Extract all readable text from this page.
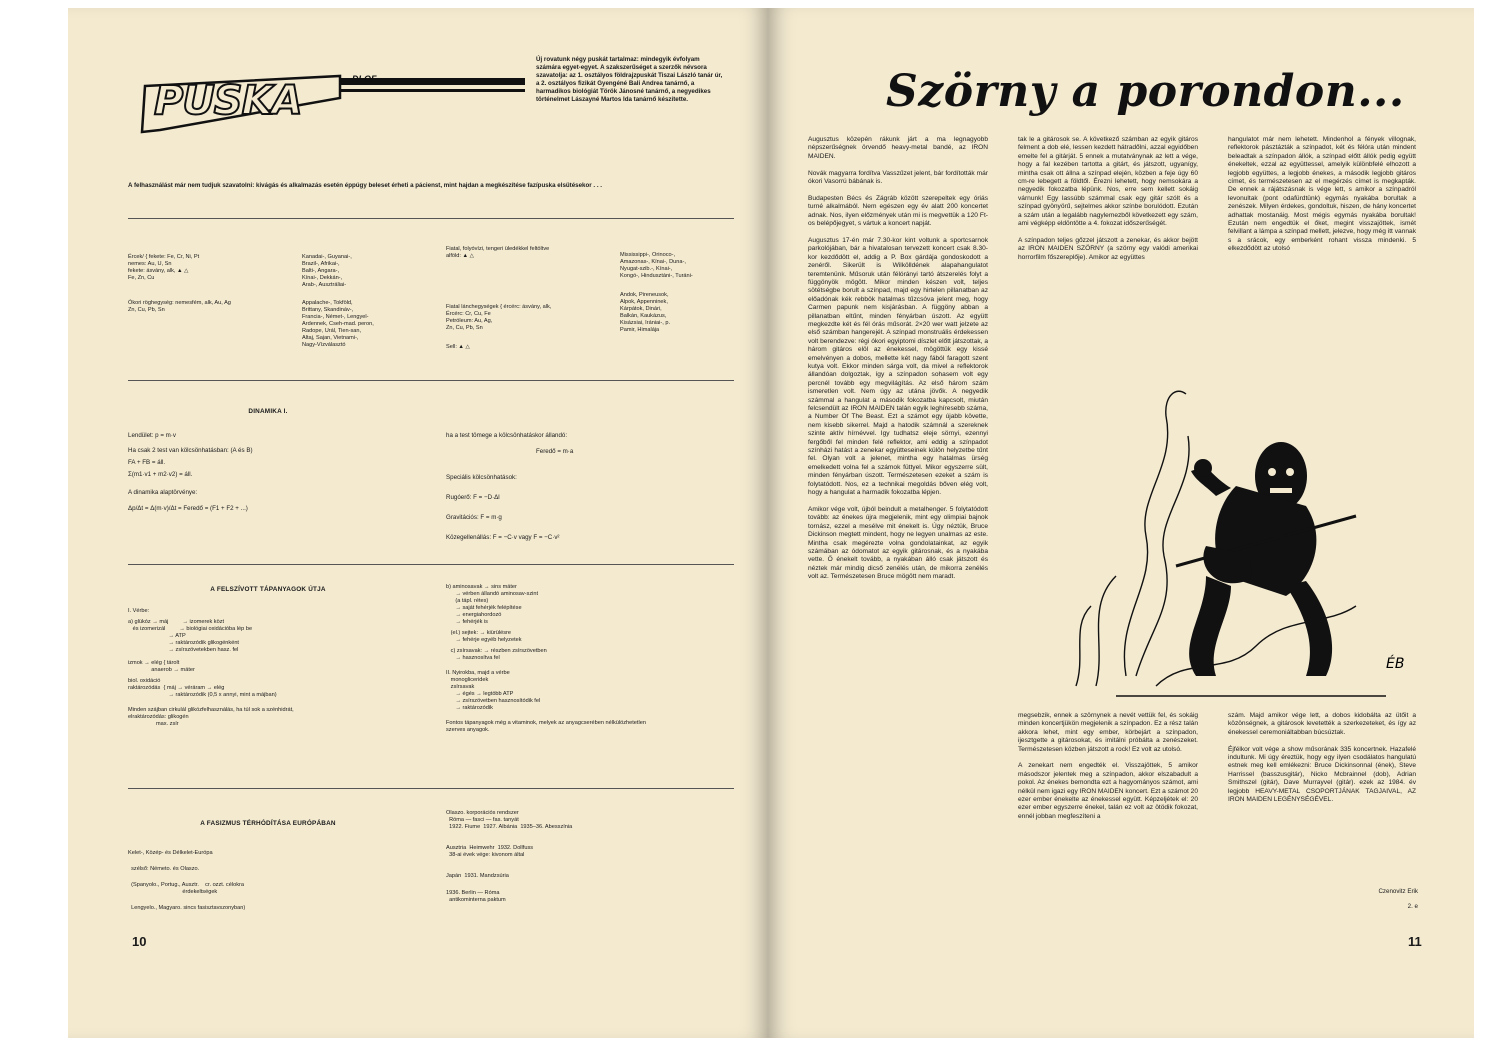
PUSKA	DLOF
Új rovatunk négy puskát tartalmaz: mindegyik évfolyam számára egyet-egyet. A szakszerűséget a szerzők névsora szavatolja: az 1. osztályos földrajzpuskát Tiszai László tanár úr, a 2. osztályos fizikát Gyengéné Bali Andrea tanárnő, a harmadikos biológiát Török Jánosné tanárnő, a negyedikes történelmet Lászayné Martos Ida tanárnő készítette.
A felhasználást már nem tudjuk szavatolni: kivágás és alkalmazás esetén éppúgy beleset érheti a pácienst, mint hajdan a megkészítése fazípuska elsütésekor . . .
Ércek/ { fekete: Fe, Cr, Ni, Pt
nemes: Au, U, Sn
fekete: ásvány, alk, ▲ △
Fe, Zn, Cu
Ókori röghegység: nemesfém, alk, Au, Ag
Zn, Cu, Pb, Sn
Kanadai-, Guyanai-,
Brazil-, Afrikai-,
Balti-, Angara-,
Kínai-, Dekkán-,
Arab-, Ausztráliai-
Appalache-, Tokföld,
Brittany, Skandináv-,
Francia-, Német-, Lengyel-
Ardennek, Cseh-mad. peron,
Radope, Urál, Tien-san,
Altaj, Sajan, Vietnami-,
Nagy-Vízválasztó
Fiatal, folyóvízi, tengeri üledékkel feltöltve
alföld: ▲ △
Fiatal lánchegységek { ércérc: ásvány, alk,
Ércérc: Cr, Cu, Fe
Petróleum: Au, Ag,
Zn, Cu, Pb, Sn
Sell: ▲ △
Mississippi-, Orinoco-,
Amazonas-, Kínai-, Duna-,
Nyugat-szib.-, Kínai-,
Kongó-, Hindusztáni-, Turáni-
Andok, Pireneusok,
Alpok, Appenninek,
Kárpátok, Dinári,
Balkán, Kaukázus,
Kisázsiai, Irániai-, p.
Pamir, Himalája
DINAMIKA I.
Lendület: p = m·v
Ha csak 2 test van kölcsönhatásban: (A és B)
FA + FB = áll.
Σ(m1·v1 + m2·v2) = áll.
A dinamika alaptörvénye:
Δp/Δt = Δ(m·v)/Δt = Feredő = (F1 + F2 + ...)
ha a test tömege a kölcsönhatáskor állandó:
Feredő = m·a
Speciális kölcsönhatások:
Rugóerő: F = −D·Δl
Gravitációs: F = m·g
Közegellenállás: F = −C·v vagy F = −C·v²
A FELSZÍVOTT TÁPANYAGOK ÚTJA
I. Vérbe:
a) glükóz → máj         → izomerek közt
és izomerizál         → biológiai oxidációba lép be
→ ATP
→ raktározódik glikogénként
→ zsírszövetekben hasz. fel
izmok → elég { tárolt
anaerob → máter
biol. oxidáció
raktározódás  { máj → véráram → elég
→ raktározódik (0,5 x annyi, mint a májban)
Minden szájban cirkulál glikózfelhasználás, ha túl sok a szénhidrát,
elraktározódás: glikogén
max. zsír
b) aminosavak → sins máter
→ vérben állandó aminosav-szint
(a tápl. rétes)
→ saját fehérjék felépítése
→ energiahordozó
→ fehérjék is
(el.) sejtek: → kiürülésre
→ fehérje egyéb helyzetek
c) zsírsavak: → részben zsírszövetben
→ hasznosítva fel
II. Nyirokba, majd a vérbe
monogliceridek
zsírsavak
→ égés → legtöbb ATP
→ zsírszövetben hasznosítódik fel
→ raktározódik
Fontos tápanyagok még a vitaminok, melyek az anyagcserében nélkülözhetetlen
szerves anyagok.
A FASIZMUS TÉRHÓDÍTÁSA EURÓPÁBAN
Kelet-, Közép- és Délkelet-Európa
szélső: Németo. és Olaszo.
(Spanyolo., Portug., Ausztr.    cr. ozzt. célokra
érdekeltségek
Lengyelo., Magyaro. sincs fasisztavszonyban)
Olaszo. korporációs rendszer
Róma — fasci — fas. tanyát
1922. Fiume  1927. Albánia  1935–36. Abesszínia
Ausztria  Heimwehr  1932. Dollfuss
38-ai évek vége: kivonom által
Japán  1931. Mandzsúria
1936. Berlin — Róma
antikominterna paktum
10
Szörny a porondon...
Augusztus közepén rákunk járt a ma legnagyobb népszerűségnek örvendő heavy-metal bandé, az IRON MAIDEN.

Novák magyarra fordítva Vasszűzet jelent, bár fordították már ókori Vasorrú bábának is.

Budapesten Bécs és Zágráb között szerepeltek egy óriás turné alkalmából. Nem egészen egy év alatt 200 koncertet adnak. Nos, ilyen előzmények után mi is megvettük a 120 Ft-os belépőjegyet, s vártuk a koncert napját.

Augusztus 17-én már 7.30-kor kint voltunk a sportcsarnok parkolójában, bár a hivatalosan tervezett koncert csak 8.30-kor kezdődött el, addig a P. Box gárdája gondoskodott a zenéről. Sikerült is Wilkölldének alapahangulatot teremtenünk. Műsoruk után félórányi tartó átszerelés folyt a függönyök mögött. Mikor minden készen volt, teljes sötétségbe borult a színpad, majd egy hirtelen pillanatban az előadónak kék rebbök hatalmas tűzcsóva jelent meg, hogy Carmen papunk nem kisjárásban. A függöny abban a pillanatban eltűnt, minden fényárban úszott. Az együtt megkezdte két és fél órás műsorát. 2×20 wer watt jelzete az első számban hangerejét. A színpad monstruális érdekessen volt berendezve: régi ókori egyiptomi díszlet előtt játszottak, a három gitáros elöl az énekessel, mögöttük egy kissé emelvényen a dobos, mellette két nagy fából faragott szent kutya volt. Ekkor minden sárga volt, da mivel a reflektorok állandóan dolgoztak, így a színpadon sohasem volt egy percnél tovább egy megvilágítás. Az első három szám ismeretlen volt. Nem úgy az utána jövők. A negyedik számmal a hangulat a második fokozatba kapcsolt, miután felcsendült az IRON MAIDEN talán egyik leghíresebb száma, a Number Of The Beast. Ezt a számot egy újabb követte, nem kisebb sikerrel. Majd a hatodik számnál a szereknek szinte aktív hírnévvel. Igy tudhatsz eleje sörnyi, ezennyi fergőből fel minden felé reflektor, ami eddig a színpadot színházi hatást a zenekar együtteseinek külön helyzetbe tűnt fel. Olyan volt a jelenet, mintha egy hatalmas ürség emelkedett volna fel a számok füttyel. Mikor egyszerre sült, minden fényárban úszott. Természetesen ezeket a szám is folytatódott. Nos, ez a technikai megoldás bőven elég volt, hogy a hangulat a harmadik fokozatba lépjen.

Amikor vége volt, újból beindult a metalhenger. 5 folytatódott tovább: az énekes újra megjelenik, mint egy olimpiai bajnok tornász, ezzel a mesélve mit énekelt is. Úgy néztük, Bruce Dickinson megtett mindent, hogy ne legyen unalmas az este. Mintha csak megérezte volna gondolatainkat, az egyik számában az ódomatot az egyik gitárosnak, és a nyakába vette. Ő énekelt tovább, a nyakában álló csak játszott és néztek már mindig dicső zenélés után, de mikorra zenélés volt az. Természetesen Bruce mögött nem maradt.
tak le a gitárosok se. A következő számban az egyik gitáros felment a dob elé, lessen kezdett hátradőlni, azzal egyidőben emelte fel a gitárját. 5 ennek a mutatványnak az lett a vége, hogy a fal kezében tartotta a gitárt, és játszott, ugyanígy, mintha csak ott állna a színpad elején, közben a feje úgy 60 cm-re lebegett a földtől. Érezni lehetett, hogy nemsokára a negyedik fokozatba lépünk. Nos, erre sem kellett sokáig várnunk! Egy lassúbb számmal csak egy gitár szólt és a színpad gyönyörű, sejtelmes akkor színbe borulódott. Ezután a szám után a legalább nagylemezből következett egy szám, ami végképp eldöntötte a 4. fokozat időszerűségét.

A színpadon teljes gőzzel játszott a zenekar, és akkor bejött az IRON MAIDEN SZÖRNY (a szörny egy valódi amerikai horrorfilm főszereplője). Amikor az együttes
hangulatot már nem lehetett. Mindenhol a fények villognak, reflektorok pásztázták a színpadot, két és félóra után mindent beleadtak a színpadon állók, a színpad előtt állók pedig együtt énekeltek, ezzal az együttessel, amelyik különbfelé elhozott a legjobb együttes, a legjobb énekes, a második legjobb gitáros címet, és természetesen az el megérzés címet is megkapták. De ennek a rájátszásnak is vége lett, s amikor a színpadról levonultak (pont odafürdtünk) egymás nyakába borultak a zenészek. Milyen érdekes, gondoltuk, hiszen, de hány koncertet adhattak mostanáig. Most mégis egymás nyakába borultak! Ezután nem engedtük el őket, megint visszajöttek, ismét felvillant a lámpa a színpad mellett, jelezve, hogy még itt vannak s a srácok, egy emberként rohant vissza mindenki. 5 elkezdődött az utolsó
ÉB
megsebzik, ennek a szörnynek a nevét vettük fel, és sokáig minden koncertjükön megjelenik a színpadon. Ez a rész talán akkora lehet, mint egy ember, körbejárt a színpadon, ijesztgette a gitárosokat, és imitálni próbálta a zenészeket. Természetesen közben játszott a rock! Ez volt az utolsó.

A zenekart nem engedték el. Visszajöttek, 5 amikor másodszor jelentek meg a színpadon, akkor elszabadult a pokol. Az énekes bemondta ezt a hagyományos számot, ami nélkül nem igazi egy IRON MAIDEN koncert. Ezt a számot 20 ezer ember énekelte az énekessel együtt. Képzeljétek el: 20 ezer ember egyszerre énekel, talán ez volt az ötödik fokozat, ennél jobban megfeszíteni a
szám. Majd amikor vége lett, a dobos kidobálta az ütőit a közönségnek, a gitárosok levetették a szerkezeteket, és így az énekessel ceremoniáltabban búcsúztak.

Éjfélkor volt vége a show műsorának 335 koncertnek. Hazafelé indultunk. Mi úgy éreztük, hogy egy ilyen csodálatos hangulatú estnek meg kell emlékezni: Bruce Dickinsonnal (ének), Steve Harrissel (basszusgitár), Nicko Mcbrainnel (dob), Adrian Smithszel (gitár), Dave Murrayvel (gitár). ezek az 1984. év legjobb HEAVY-METAL CSOPORTJÁNAK TAGJAIVAL, AZ IRON MAIDEN LEGÉNYSÉGÉVEL.
Czenovitz Erik
2. e
11
